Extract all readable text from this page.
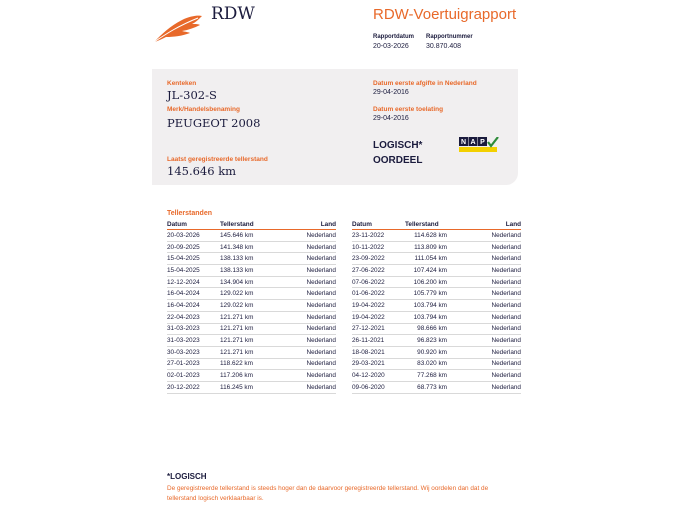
RDW	RDW-Voertuigrapport
Rapportdatum
20-03-2026
Rapportnummer
30.870.408
Kenteken
JL-302-S
Merk/Handelsbenaming
PEUGEOT 2008
Laatst geregistreerde tellerstand
145.646 km
Datum eerste afgifte in Nederland
29-04-2016
Datum eerste toelating
29-04-2016
LOGISCH*
OORDEEL
N A P
Tellerstanden
Datum	Tellerstand	Land
20-03-2026	145.646 km	Nederland
20-09-2025	141.348 km	Nederland
15-04-2025	138.133 km	Nederland
15-04-2025	138.133 km	Nederland
12-12-2024	134.904 km	Nederland
16-04-2024	129.022 km	Nederland
16-04-2024	129.022 km	Nederland
22-04-2023	121.271 km	Nederland
31-03-2023	121.271 km	Nederland
31-03-2023	121.271 km	Nederland
30-03-2023	121.271 km	Nederland
27-01-2023	118.622 km	Nederland
02-01-2023	117.206 km	Nederland
20-12-2022	116.245 km	Nederland
Datum	Tellerstand	Land
23-11-2022	114.628 km	Nederland
10-11-2022	113.809 km	Nederland
23-09-2022	111.054 km	Nederland
27-06-2022	107.424 km	Nederland
07-06-2022	106.200 km	Nederland
01-06-2022	105.779 km	Nederland
19-04-2022	103.794 km	Nederland
19-04-2022	103.794 km	Nederland
27-12-2021	98.666 km	Nederland
26-11-2021	96.823 km	Nederland
18-08-2021	90.920 km	Nederland
29-03-2021	83.020 km	Nederland
04-12-2020	77.268 km	Nederland
09-06-2020	68.773 km	Nederland
*LOGISCH
De geregistreerde tellerstand is steeds hoger dan de daarvoor geregistreerde tellerstand. Wij oordelen dan dat de tellerstand logisch verklaarbaar is.
